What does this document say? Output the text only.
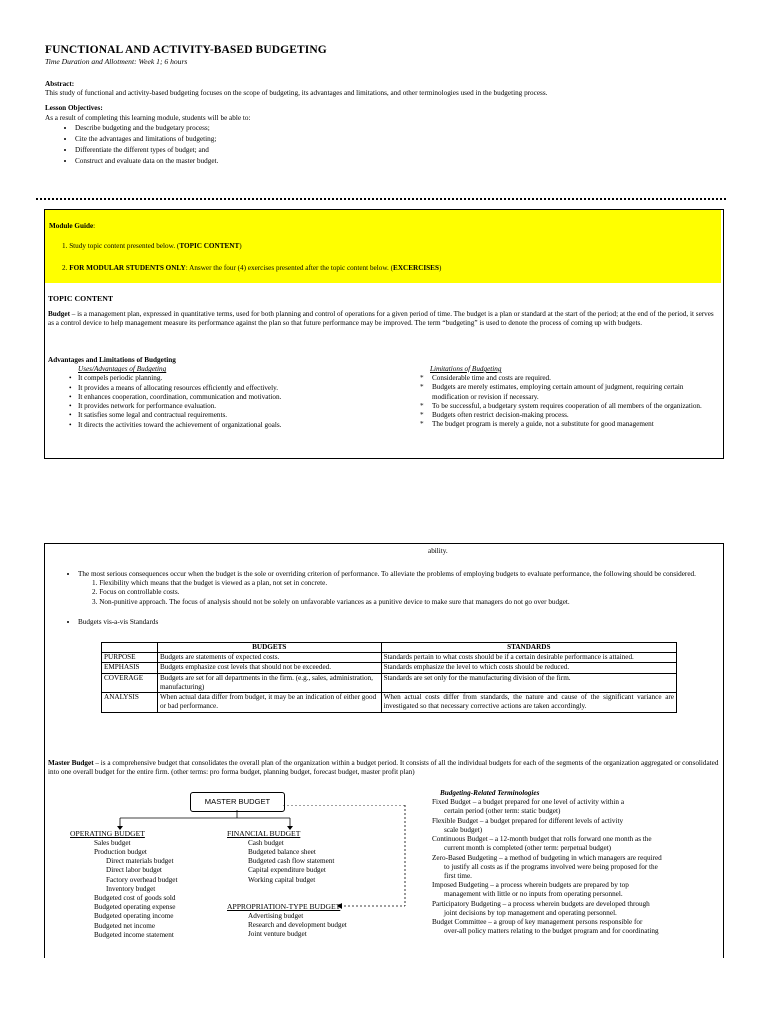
FUNCTIONAL AND ACTIVITY-BASED BUDGETING
Time Duration and Allotment: Week 1; 6 hours
Abstract:
This study of functional and activity-based budgeting focuses on the scope of budgeting, its advantages and limitations, and other terminologies used in the budgeting process.
Lesson Objectives:
As a result of completing this learning module, students will be able to:
• Describe budgeting and the budgetary process;
• Cite the advantages and limitations of budgeting;
• Differentiate the different types of budget; and
• Construct and evaluate data on the master budget.
Module Guide:
1. Study topic content presented below. (TOPIC CONTENT)
2. FOR MODULAR STUDENTS ONLY: Answer the four (4) exercises presented after the topic content below. (EXCERCISES)
TOPIC CONTENT
Budget – is a management plan, expressed in quantitative terms, used for both planning and control of operations for a given period of time. The budget is a plan or standard at the start of the period; at the end of the period, it serves as a control device to help management measure its performance against the plan so that future performance may be improved. The term “budgeting” is used to denote the process of coming up with budgets.
Advantages and Limitations of Budgeting
Uses/Advantages of Budgeting
• It compels periodic planning.
• It provides a means of allocating resources efficiently and effectively.
• It enhances cooperation, coordination, communication and motivation.
• It provides network for performance evaluation.
• It satisfies some legal and contractual requirements.
• It directs the activities toward the achievement of organizational goals.
Limitations of Budgeting
* Considerable time and costs are required.
* Budgets are merely estimates, employing certain amount of judgment, requiring certain modification or revision if necessary.
* To be successful, a budgetary system requires cooperation of all members of the organization.
* Budgets often restrict decision-making process.
* The budget program is merely a guide, not a substitute for good management
ability.
• The most serious consequences occur when the budget is the sole or overriding criterion of performance. To alleviate the problems of employing budgets to evaluate performance, the following should be considered.
1. Flexibility which means that the budget is viewed as a plan, not set in concrete.
2. Focus on controllable costs.
3. Non-punitive approach. The focus of analysis should not be solely on unfavorable variances as a punitive device to make sure that managers do not go over budget.
• Budgets vis-a-vis Standards
	BUDGETS	STANDARDS
PURPOSE	Budgets are statements of expected costs.	Standards pertain to what costs should be if a certain desirable performance is attained.
EMPHASIS	Budgets emphasize cost levels that should not be exceeded.	Standards emphasize the level to which costs should be reduced.
COVERAGE	Budgets are set for all departments in the firm. (e.g., sales, administration, manufacturing)	Standards are set only for the manufacturing division of the firm.
ANALYSIS	When actual data differ from budget, it may be an indication of either good or bad performance.	When actual costs differ from standards, the nature and cause of the significant variance are investigated so that necessary corrective actions are taken accordingly.
Master Budget – is a comprehensive budget that consolidates the overall plan of the organization within a budget period. It consists of all the individual budgets for each of the segments of the organization aggregated or consolidated into one overall budget for the entire firm. (other terms: pro forma budget, planning budget, forecast budget, master profit plan)
MASTER BUDGET
OPERATING BUDGET
Sales budget
Production budget
Direct materials budget
Direct labor budget
Factory overhead budget
Inventory budget
Budgeted cost of goods sold
Budgeted operating expense
Budgeted operating income
Budgeted net income
Budgeted income statement
FINANCIAL BUDGET
Cash budget
Budgeted balance sheet
Budgeted cash flow statement
Capital expenditure budget
Working capital budget
APPROPRIATION-TYPE BUDGET
Advertising budget
Research and development budget
Joint venture budget
Budgeting-Related Terminologies
Fixed Budget – a budget prepared for one level of activity within a
certain period (other term: static budget)
Flexible Budget – a budget prepared for different levels of activity
scale budget)
Continuous Budget – a 12-month budget that rolls forward one month as the
current month is completed (other term: perpetual budget)
Zero-Based Budgeting – a method of budgeting in which managers are required
to justify all costs as if the programs involved were being proposed for the
first time.
Imposed Budgeting – a process wherein budgets are prepared by top
management with little or no inputs from operating personnel.
Participatory Budgeting – a process wherein budgets are developed through
joint decisions by top management and operating personnel.
Budget Committee – a group of key management persons responsible for
over-all policy matters relating to the budget program and for coordinating
